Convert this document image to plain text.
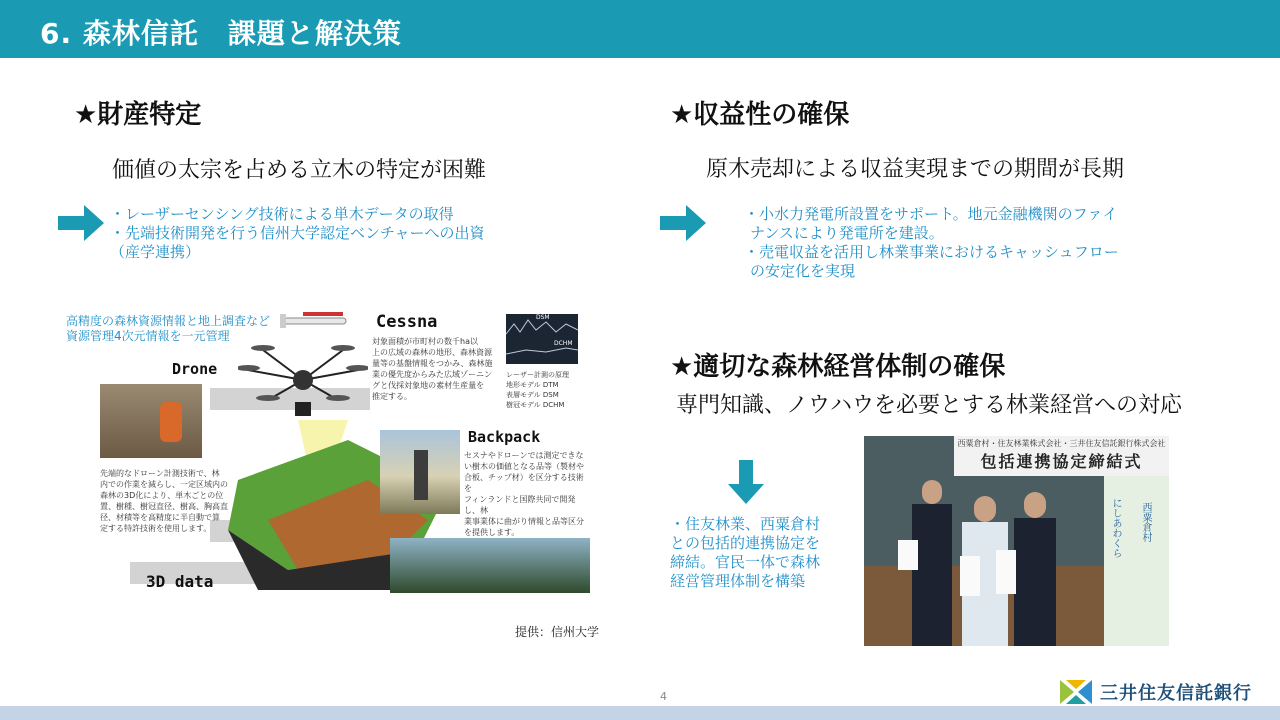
6. 森林信託　課題と解決策
★財産特定
価値の太宗を占める立木の特定が困難
・レーザーセンシング技術による単木データの取得
・先端技術開発を行う信州大学認定ベンチャーへの出資
（産学連携）
高精度の森林資源情報と地上調査など
資源管理4次元情報を一元管理
Cessna
対象面積が市町村の数千ha以
上の広域の森林の地形、森林資源
量等の基盤情報をつかみ、森林施
業の優先度からみた広域ゾーニン
グと伐採対象地の素材生産量を
推定する。
DSM
DCHM
レーザー計測の原理
地形モデル DTM
表層モデル DSM
樹冠モデル DCHM
Drone
先端的なドローン計測技術で、林
内での作業を減らし、一定区域内の
森林の3D化により、単木ごとの位
置、樹種、樹冠直径、樹高、胸高直
径、材積等を高精度に半自動で算
定する特許技術を使用します。
3D data
Backpack
セスナやドローンでは測定できな
い樹木の価値となる品等（製材や
合板、チップ材）を区分する技術を
フィンランドと国際共同で開発し、林
業事業体に曲がり情報と品等区分
を提供します。
提供：信州大学
★収益性の確保
原木売却による収益実現までの期間が長期
・小水力発電所設置をサポート。地元金融機関のファイ
ナンスにより発電所を建設。
・売電収益を活用し林業事業におけるキャッシュフロー
の安定化を実現
★適切な森林経営体制の確保
専門知識、ノウハウを必要とする林業経営への対応
・住友林業、西粟倉村
との包括的連携協定を
締結。官民一体で森林
経営管理体制を構築
西粟倉村・住友林業株式会社・三井住友信託銀行株式会社
包括連携協定締結式
にしあわくら 西粟倉村
4	三井住友信託銀行
